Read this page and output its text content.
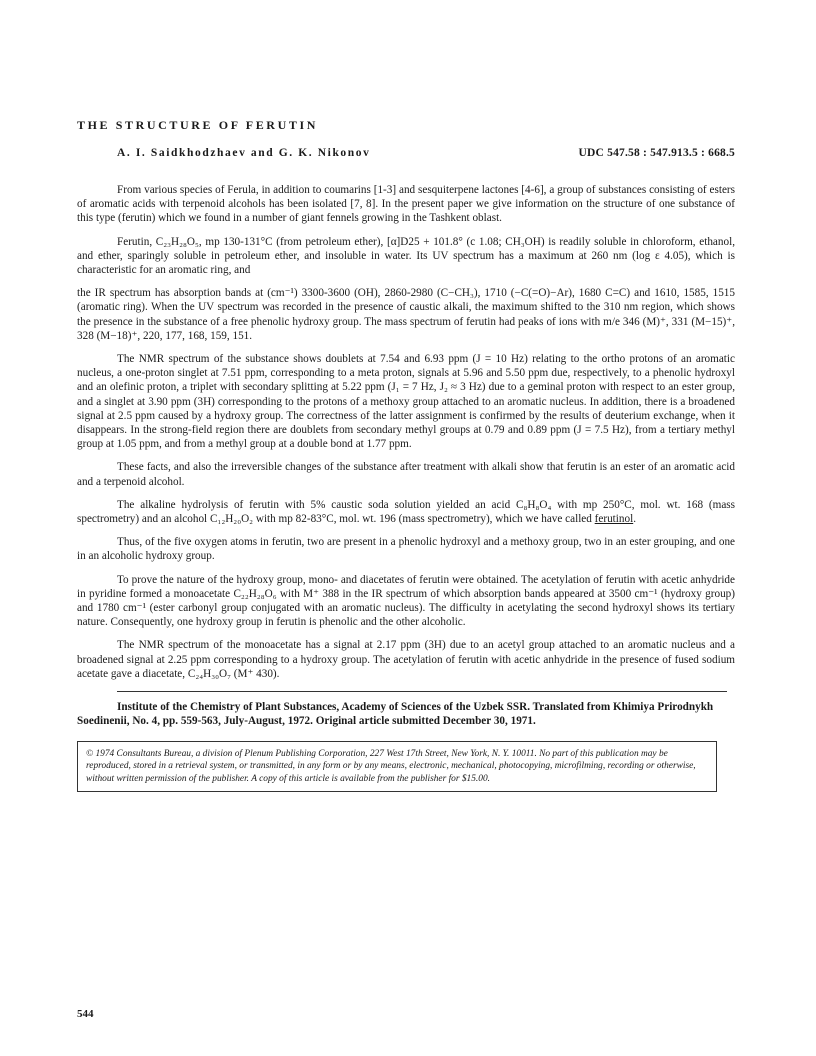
THE STRUCTURE OF FERUTIN
A. I. Saidkhodzhaev and G. K. Nikonov	UDC 547.58 : 547.913.5 : 668.5

From various species of Ferula, in addition to coumarins [1-3] and sesquiterpene lactones [4-6], a group of substances consisting of esters of aromatic acids with terpenoid alcohols has been isolated [7, 8]. In the present paper we give information on the structure of one substance of this type (ferutin) which we found in a number of giant fennels growing in the Tashkent oblast.

Ferutin, C₂₃H₂₈O₅, mp 130-131°C (from petroleum ether), [α]D25 + 101.8° (c 1.08; CH₃OH) is readily soluble in chloroform, ethanol, and ether, sparingly soluble in petroleum ether, and insoluble in water. Its UV spectrum has a maximum at 260 nm (log ε 4.05), which is characteristic for an aromatic ring, and

the IR spectrum has absorption bands at (cm⁻¹) 3300-3600 (OH), 2860-2980 (C−CH₃), 1710 (−C(=O)−Ar), 1680 C=C) and 1610, 1585, 1515 (aromatic ring). When the UV spectrum was recorded in the presence of caustic alkali, the maximum shifted to the 310 nm region, which shows the presence in the substance of a free phenolic hydroxy group. The mass spectrum of ferutin had peaks of ions with m/e 346 (M)⁺, 331 (M−15)⁺, 328 (M−18)⁺, 220, 177, 168, 159, 151.

The NMR spectrum of the substance shows doublets at 7.54 and 6.93 ppm (J = 10 Hz) relating to the ortho protons of an aromatic nucleus, a one-proton singlet at 7.51 ppm, corresponding to a meta proton, signals at 5.96 and 5.50 ppm due, respectively, to a phenolic hydroxyl and an olefinic proton, a triplet with secondary splitting at 5.22 ppm (J₁ = 7 Hz, J₂ ≈ 3 Hz) due to a geminal proton with respect to an ester group, and a singlet at 3.90 ppm (3H) corresponding to the protons of a methoxy group attached to an aromatic nucleus. In addition, there is a broadened signal at 2.5 ppm caused by a hydroxy group. The correctness of the latter assignment is confirmed by the results of deuterium exchange, when it disappears. In the strong-field region there are doublets from secondary methyl groups at 0.79 and 0.89 ppm (J = 7.5 Hz), from a tertiary methyl group at 1.05 ppm, and from a methyl group at a double bond at 1.77 ppm.

These facts, and also the irreversible changes of the substance after treatment with alkali show that ferutin is an ester of an aromatic acid and a terpenoid alcohol.

The alkaline hydrolysis of ferutin with 5% caustic soda solution yielded an acid C₈H₈O₄ with mp 250°C, mol. wt. 168 (mass spectrometry) and an alcohol C₁₂H₂₀O₂ with mp 82-83°C, mol. wt. 196 (mass spectrometry), which we have called ferutinol.

Thus, of the five oxygen atoms in ferutin, two are present in a phenolic hydroxyl and a methoxy group, two in an ester grouping, and one in an alcoholic hydroxy group.

To prove the nature of the hydroxy group, mono- and diacetates of ferutin were obtained. The acetylation of ferutin with acetic anhydride in pyridine formed a monoacetate C₂₂H₂₈O₆ with M⁺ 388 in the IR spectrum of which absorption bands appeared at 3500 cm⁻¹ (hydroxy group) and 1780 cm⁻¹ (ester carbonyl group conjugated with an aromatic nucleus). The difficulty in acetylating the second hydroxyl shows its tertiary nature. Consequently, one hydroxy group in ferutin is phenolic and the other alcoholic.

The NMR spectrum of the monoacetate has a signal at 2.17 ppm (3H) due to an acetyl group attached to an aromatic nucleus and a broadened signal at 2.25 ppm corresponding to a hydroxy group. The acetylation of ferutin with acetic anhydride in the presence of fused sodium acetate gave a diacetate, C₂₄H₃₀O₇ (M⁺ 430).

Institute of the Chemistry of Plant Substances, Academy of Sciences of the Uzbek SSR. Translated from Khimiya Prirodnykh Soedinenii, No. 4, pp. 559-563, July-August, 1972. Original article submitted December 30, 1971.
© 1974 Consultants Bureau, a division of Plenum Publishing Corporation, 227 West 17th Street, New York, N. Y. 10011. No part of this publication may be reproduced, stored in a retrieval system, or transmitted, in any form or by any means, electronic, mechanical, photocopying, microfilming, recording or otherwise, without written permission of the publisher. A copy of this article is available from the publisher for $15.00.
544
